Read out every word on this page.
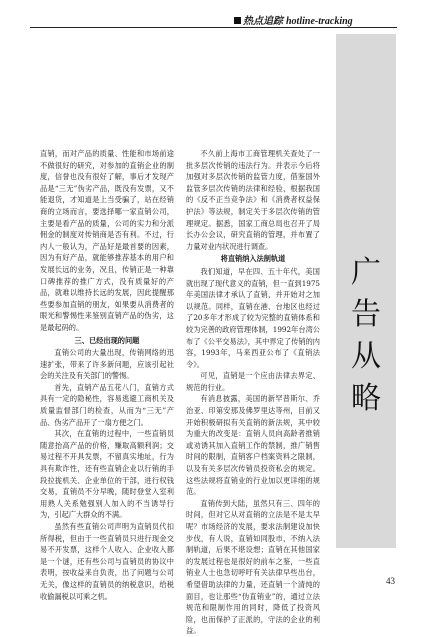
热点追踪 hotline-tracking

直销，而对产品的质量、性能和市场前途不做很好的研究，对参加的直销企业的制度，信誉也没有很好了解，事后才发现产品是“三无”伪劣产品，既没有发票，又不能退货，才知道是上当受骗了，站在经销商的立场而言，要选择哪一家直销公司，主要是看产品的质量，公司的实力和分派佣金的制度对传销商是否有利。不过，行内人一般认为，产品好是最首要的因素，因为有好产品，就能够推荐基本的用户和发展长远的业务，况且，传销正是一种靠口碑推荐的推广方式，没有质量好的产品，就难以维持长远的发展，因此提醒那些要参加直销的朋友，如果要从消费者的眼光和警惕性来鉴别直销产品的伪劣，这是最起码的。

三、已经出现的问题

直销公司的大量出现，传销网络的迅速扩张，带来了许多新问题，应该引起社会的关注及有关部门的警惕。

首先，直销产品五花八门，直销方式具有一定的隐秘性，容易逃避工商机关及质量监督部门的检查，从而为“三无”产品、伪劣产品开了一扇方便之门。

其次，在直销的过程中，一些直销员随意抬高产品的价格，赚取高额利润；交易过程不开具发票，不留真实地址，行为具有欺诈性，还有些直销企业以行销的手段拉拢机关、企业单位的干部，进行权钱交易，直销员不分早晚，随时登堂入室利用熟人关系勉强别人加入的不当诱导行为，引起广大群众的不满。

虽然有些直销公司声明为直销员代扣所得税，但由于一些直销员只进行现金交易不开发票，这样个人收入、企业收入都是一个谜，还有些公司与直销员的协议中表明，按收益来自负责，出了问题与公司无关，像这样的直销员的纳税意识，给税收偷漏税以可乘之机。

不久前上海市工商管理机关查处了一批多层次传销的违法行为。并表示今后将加强对多层次传销的监管力度，借鉴国外监管多层次传销的法律和经验，根据我国的《反不正当竞争法》和《消费者权益保护法》等法规，制定关于多层次传销的管理规定。据悉，国家工商总局也召开了局长办公会议，研究直销的管理，并布置了力量对业内状况进行调查。

将直销纳入法制轨道

我们知道，早在四、五十年代，美国就出现了现代意义的直销，但一直到1975年美国法律才承认了直销，并开始对之加以规范。同样，直销在港、台地区也经过了20多年才形成了较为完整的直销体系和较为完善的政府管理体制，1992年台湾公布了《公平交易法》，其中界定了传销的内容，1993年，马来西亚公布了《直销法令》。

可见，直销是一个应由法律去界定、规范的行业。

有消息披露，美国的新罕普斯尔、乔治亚、印第安那及佛罗里达等州，目前又开始积极研拟有关直销的新法规，其中较为重大的改变是：直销人员向高龄者推销或劝诱其加入直销工作的禁制，推广销售时间的限制，直销客户档案资料之限制，以及有关多层次传销员投资私会的规定。这些法规将直销业的行业加以更详细的规范。

直销传到大陆，虽然只有三、四年的时间，但对它从对直销的立法是不是太早呢？市场经济的发展，要求法制建设加快步伐，有人说，直销如同股市，不纳入法制轨道，后果不堪设想；直销在其他国家的发展过程也是很好的前车之鉴，一些直销业人士也急切呼吁有关法律早些出台，希望借助法律的力量，还直销一个清纯的面目，也让那些“伪直销业”的，通过立法规范和限制作用的同时，降低了投资风险，也而保护了正派的，守法的企业的利益。

广
告
从
略
43
